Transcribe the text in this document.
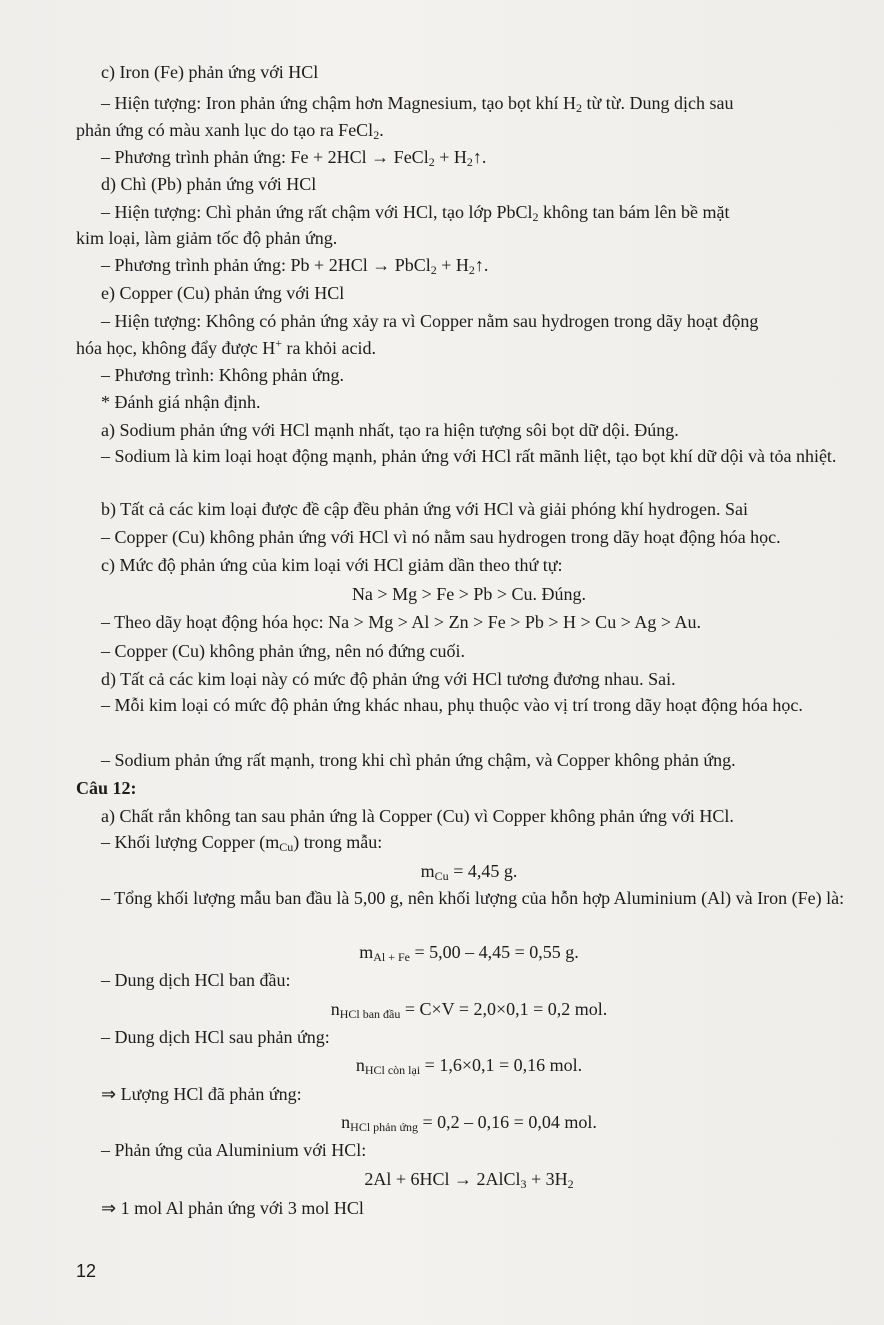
c) Iron (Fe) phản ứng với HCl
– Hiện tượng: Iron phản ứng chậm hơn Magnesium, tạo bọt khí $H_2$ từ từ. Dung dịch sau
phản ứng có màu xanh lục do tạo ra FeCl$_2$.
– Phương trình phản ứng: Fe + 2HCl → FeCl$_2$ + $H_2↑$.
d) Chì (Pb) phản ứng với HCl
– Hiện tượng: Chì phản ứng rất chậm với HCl, tạo lớp PbCl$_2$ không tan bám lên bề mặt
kim loại, làm giảm tốc độ phản ứng.
– Phương trình phản ứng: Pb + 2HCl → PbCl$_2$ + $H_2↑$.
e) Copper (Cu) phản ứng với HCl
– Hiện tượng: Không có phản ứng xảy ra vì Copper nằm sau hydrogen trong dãy hoạt động
hóa học, không đẩy được H+ ra khỏi acid.
– Phương trình: Không phản ứng.
* Đánh giá nhận định.
a) Sodium phản ứng với HCl mạnh nhất, tạo ra hiện tượng sôi bọt dữ dội. Đúng.
– Sodium là kim loại hoạt động mạnh, phản ứng với HCl rất mãnh liệt, tạo bọt khí dữ dội và tỏa nhiệt.
b) Tất cả các kim loại được đề cập đều phản ứng với HCl và giải phóng khí hydrogen. Sai
– Copper (Cu) không phản ứng với HCl vì nó nằm sau hydrogen trong dãy hoạt động hóa học.
c) Mức độ phản ứng của kim loại với HCl giảm dần theo thứ tự:
Na > Mg > Fe > Pb > Cu. Đúng.
– Theo dãy hoạt động hóa học: Na > Mg > Al > Zn > Fe > Pb > H > Cu > Ag > Au.
– Copper (Cu) không phản ứng, nên nó đứng cuối.
d) Tất cả các kim loại này có mức độ phản ứng với HCl tương đương nhau. Sai.
– Mỗi kim loại có mức độ phản ứng khác nhau, phụ thuộc vào vị trí trong dãy hoạt động hóa học.
– Sodium phản ứng rất mạnh, trong khi chì phản ứng chậm, và Copper không phản ứng.
Câu 12:
a) Chất rắn không tan sau phản ứng là Copper (Cu) vì Copper không phản ứng với HCl.
– Khối lượng Copper $(m_{Cu})$ trong mẫu:
$m_{Cu} = 4,45$ g.
– Tổng khối lượng mẫu ban đầu là 5,00 g, nên khối lượng của hỗn hợp Aluminium (Al) và Iron (Fe) là:
$m_{Al + Fe} = 5,00 - 4,45 = 0,55$ g.
– Dung dịch HCl ban đầu:
$n_{HCl ban đầu} = C\times V = 2,0\times 0,1 = 0,2$ mol.
– Dung dịch HCl sau phản ứng:
$n_{HCl còn lại} = 1,6\times 0,1 = 0,16$ mol.
⇒ Lượng HCl đã phản ứng:
$n_{HCl phản ứng} = 0,2 - 0,16 = 0,04$ mol.
– Phản ứng của Aluminium với HCl:
2Al + 6HCl → 2AlCl$_3$ + $3H_2$
⇒ 1 mol Al phản ứng với 3 mol HCl
12
